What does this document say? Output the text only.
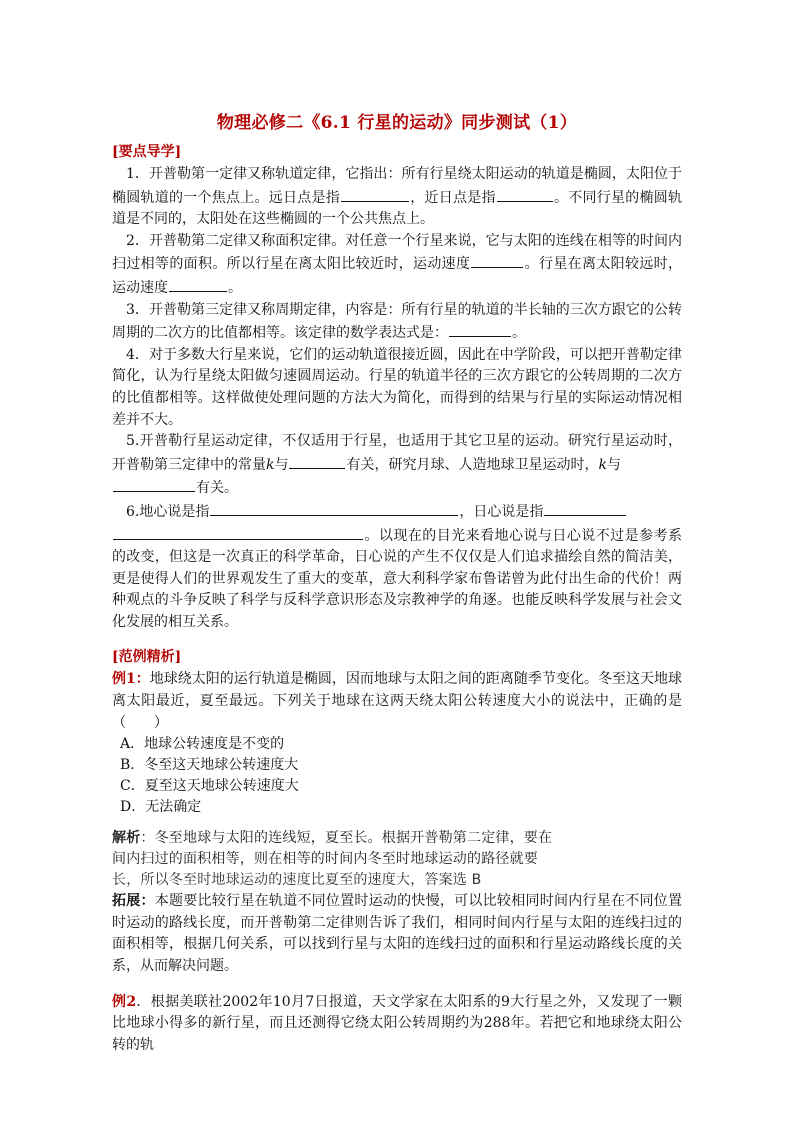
物理必修二《6.1 行星的运动》同步测试（1）
[要点导学]

1．开普勒第一定律又称轨道定律，它指出：所有行星绕太阳运动的轨道是椭圆，太阳位于椭圆轨道的一个焦点上。远日点是指	，近日点是指	。不同行星的椭圆轨道是不同的，太阳处在这些椭圆的一个公共焦点上。

2．开普勒第二定律又称面积定律。对任意一个行星来说，它与太阳的连线在相等的时间内扫过相等的面积。所以行星在离太阳比较近时，运动速度	。行星在离太阳较远时，运动速度	。

3．开普勒第三定律又称周期定律，内容是：所有行星的轨道的半长轴的三次方跟它的公转周期的二次方的比值都相等。该定律的数学表达式是：	。

4．对于多数大行星来说，它们的运动轨道很接近圆，因此在中学阶段，可以把开普勒定律简化，认为行星绕太阳做匀速圆周运动。行星的轨道半径的三次方跟它的公转周期的二次方的比值都相等。这样做使处理问题的方法大为简化，而得到的结果与行星的实际运动情况相差并不大。

5.开普勒行星运动定律，不仅适用于行星，也适用于其它卫星的运动。研究行星运动时，开普勒第三定律中的常量k与	有关，研究月球、人造地球卫星运动时，k与
有关。

6.地心说是指	，日心说是指
。以现在的目光来看地心说与日心说不过是参考系的改变，但这是一次真正的科学革命，日心说的产生不仅仅是人们追求描绘自然的简洁美，更是使得人们的世界观发生了重大的变革，意大利科学家布鲁诺曾为此付出生命的代价！两种观点的斗争反映了科学与反科学意识形态及宗教神学的角逐。也能反映科学发展与社会文化发展的相互关系。

[范例精析]

例1：地球绕太阳的运行轨道是椭圆，因而地球与太阳之间的距离随季节变化。冬至这天地球离太阳最近，夏至最远。下列关于地球在这两天绕太阳公转速度大小的说法中，正确的是（　　）

A．地球公转速度是不变的
B．冬至这天地球公转速度大
C．夏至这天地球公转速度大
D．无法确定

解析：冬至地球与太阳的连线短，夏至长。根据开普勒第二定律，要在

间内扫过的面积相等，则在相等的时间内冬至时地球运动的路径就要

长，所以冬至时地球运动的速度比夏至的速度大，答案选 B

拓展：本题要比较行星在轨道不同位置时运动的快慢，可以比较相同时间内行星在不同位置时运动的路线长度，而开普勒第二定律则告诉了我们，相同时间内行星与太阳的连线扫过的面积相等，根据几何关系，可以找到行星与太阳的连线扫过的面积和行星运动路线长度的关系，从而解决问题。

例2．根据美联社2002年10月7日报道，天文学家在太阳系的9大行星之外，又发现了一颗比地球小得多的新行星，而且还测得它绕太阳公转周期约为288年。若把它和地球绕太阳公转的轨
